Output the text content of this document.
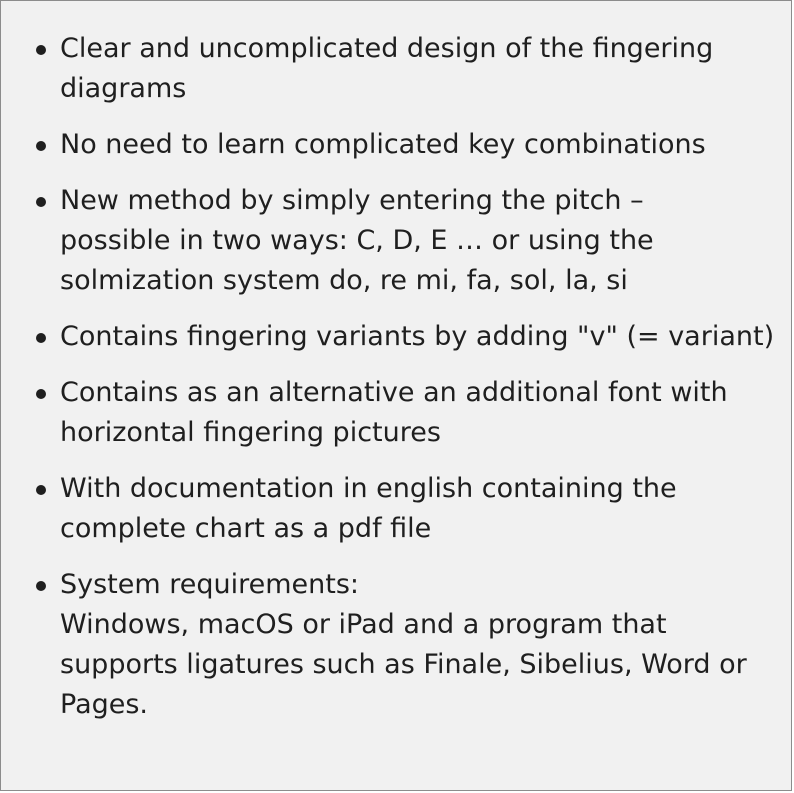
Clear and uncomplicated design of the fingering
diagrams
No need to learn complicated key combinations
New method by simply entering the pitch –
possible in two ways: C, D, E … or using the
solmization system do, re mi, fa, sol, la, si
Contains fingering variants by adding "v" (= variant)
Contains as an alternative an additional font with
horizontal fingering pictures
With documentation in english containing the
complete chart as a pdf file
System requirements:
Windows, macOS or iPad and a program that
supports ligatures such as Finale, Sibelius, Word or
Pages.
